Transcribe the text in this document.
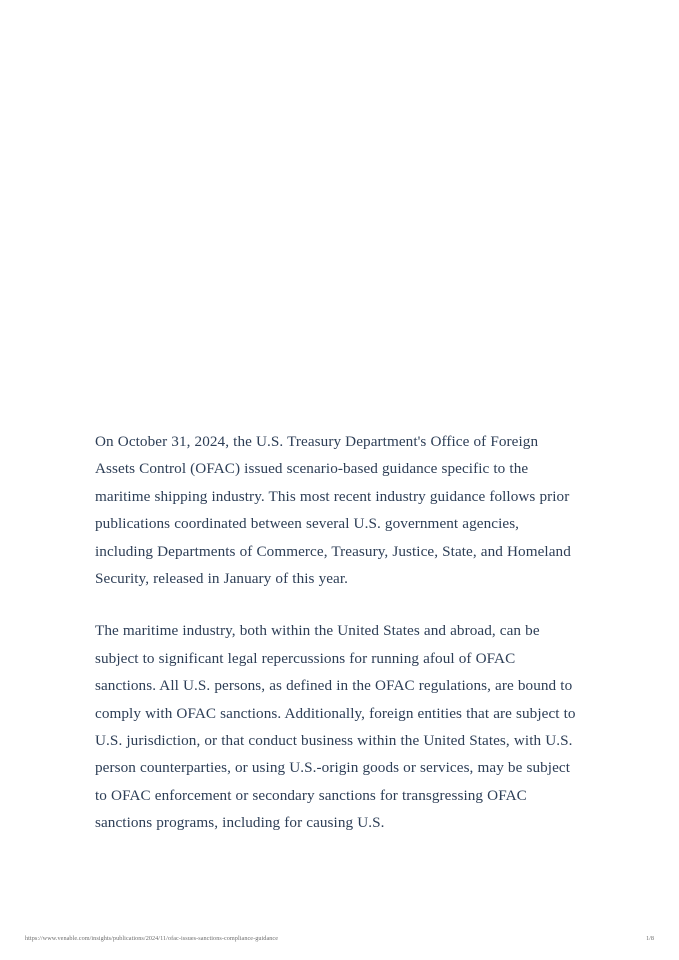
On October 31, 2024, the U.S. Treasury Department's Office of Foreign Assets Control (OFAC) issued scenario-based guidance specific to the maritime shipping industry. This most recent industry guidance follows prior publications coordinated between several U.S. government agencies, including Departments of Commerce, Treasury, Justice, State, and Homeland Security, released in January of this year.

The maritime industry, both within the United States and abroad, can be subject to significant legal repercussions for running afoul of OFAC sanctions. All U.S. persons, as defined in the OFAC regulations, are bound to comply with OFAC sanctions. Additionally, foreign entities that are subject to U.S. jurisdiction, or that conduct business within the United States, with U.S. person counterparties, or using U.S.-origin goods or services, may be subject to OFAC enforcement or secondary sanctions for transgressing OFAC sanctions programs, including for causing U.S.

https://www.venable.com/insights/publications/2024/11/ofac-issues-sanctions-compliance-guidance	1/8
